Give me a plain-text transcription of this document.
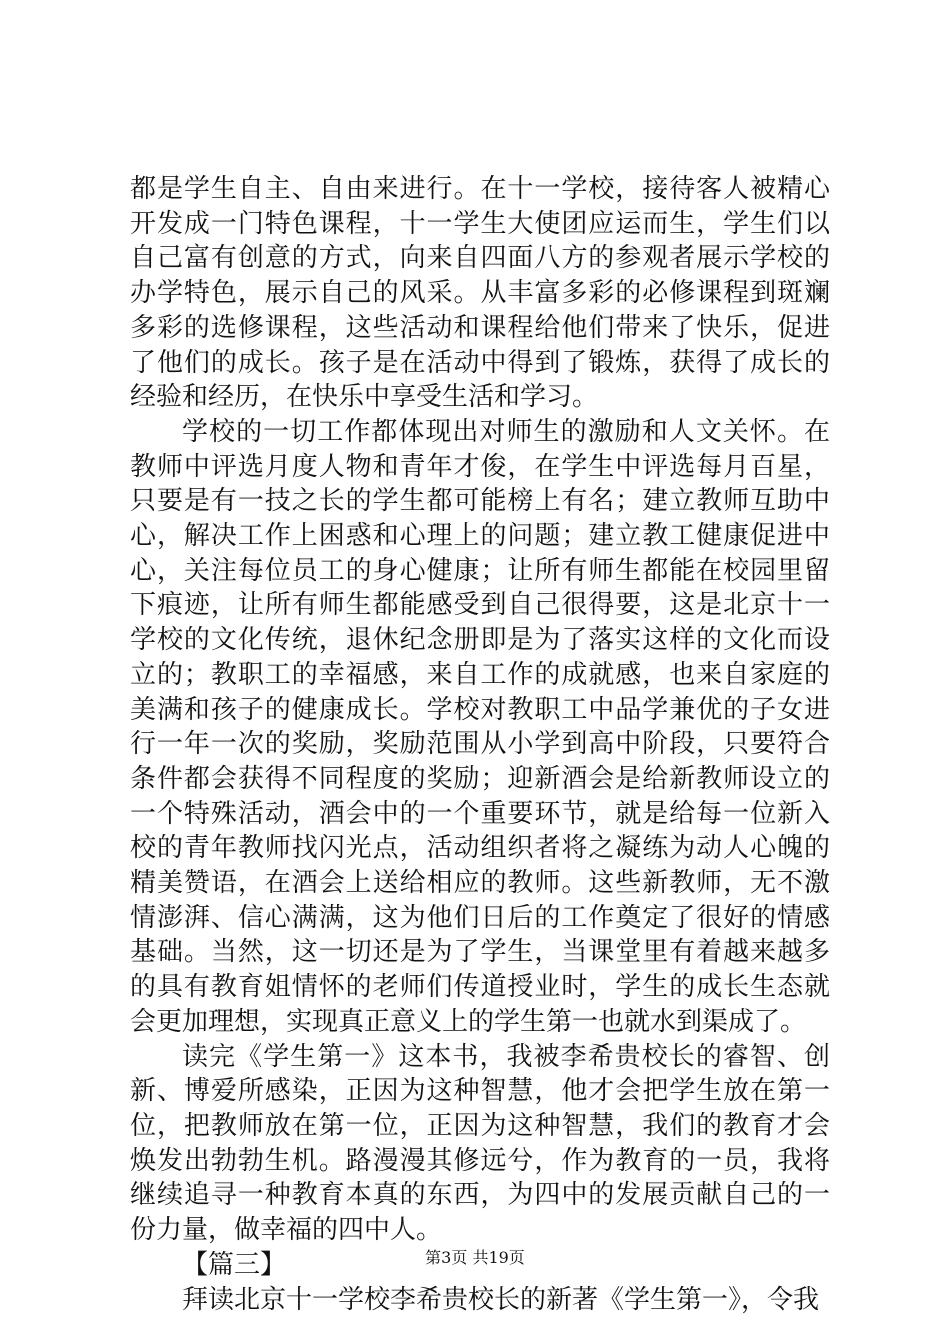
都是学生自主、自由来进行。在十一学校，接待客人被精心开发成一门特色课程，十一学生大使团应运而生，学生们以自己富有创意的方式，向来自四面八方的参观者展示学校的办学特色，展示自己的风采。从丰富多彩的必修课程到斑斓多彩的选修课程，这些活动和课程给他们带来了快乐，促进了他们的成长。孩子是在活动中得到了锻炼，获得了成长的经验和经历，在快乐中享受生活和学习。

学校的一切工作都体现出对师生的激励和人文关怀。在教师中评选月度人物和青年才俊，在学生中评选每月百星，只要是有一技之长的学生都可能榜上有名；建立教师互助中心，解决工作上困惑和心理上的问题；建立教工健康促进中心，关注每位员工的身心健康；让所有师生都能在校园里留下痕迹，让所有师生都能感受到自己很得要，这是北京十一学校的文化传统，退休纪念册即是为了落实这样的文化而设立的；教职工的幸福感，来自工作的成就感，也来自家庭的美满和孩子的健康成长。学校对教职工中品学兼优的子女进行一年一次的奖励，奖励范围从小学到高中阶段，只要符合条件都会获得不同程度的奖励；迎新酒会是给新教师设立的一个特殊活动，酒会中的一个重要环节，就是给每一位新入校的青年教师找闪光点，活动组织者将之凝练为动人心魄的精美赞语，在酒会上送给相应的教师。这些新教师，无不激情澎湃、信心满满，这为他们日后的工作奠定了很好的情感基础。当然，这一切还是为了学生，当课堂里有着越来越多的具有教育姐情怀的老师们传道授业时，学生的成长生态就会更加理想，实现真正意义上的学生第一也就水到渠成了。

读完《学生第一》这本书，我被李希贵校长的睿智、创新、博爱所感染，正因为这种智慧，他才会把学生放在第一位，把教师放在第一位，正因为这种智慧，我们的教育才会焕发出勃勃生机。路漫漫其修远兮，作为教育的一员，我将继续追寻一种教育本真的东西，为四中的发展贡献自己的一份力量，做幸福的四中人。

【篇三】

拜读北京十一学校李希贵校长的新著《学生第一》，令我

第3页 共19页
